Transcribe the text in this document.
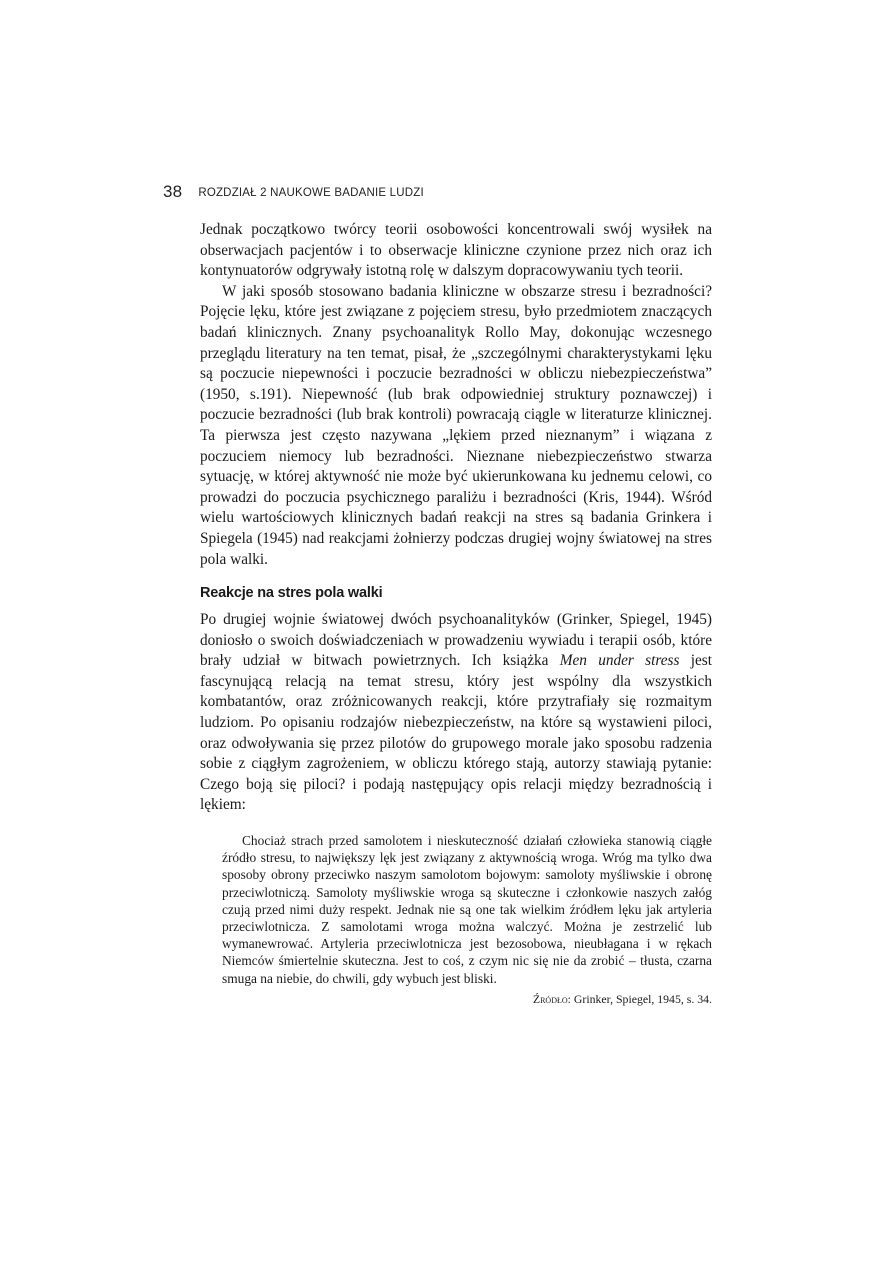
38 ROZDZIAŁ 2 NAUKOWE BADANIE LUDZI

Jednak początkowo twórcy teorii osobowości koncentrowali swój wysiłek na obserwacjach pacjentów i to obserwacje kliniczne czynione przez nich oraz ich kontynuatorów odgrywały istotną rolę w dalszym dopracowywaniu tych teorii.

W jaki sposób stosowano badania kliniczne w obszarze stresu i bezradności? Pojęcie lęku, które jest związane z pojęciem stresu, było przedmiotem znaczących badań klinicznych. Znany psychoanalityk Rollo May, dokonując wczesnego przeglądu literatury na ten temat, pisał, że „szczególnymi charakterystykami lęku są poczucie niepewności i poczucie bezradności w obliczu niebezpieczeństwa” (1950, s.191). Niepewność (lub brak odpowiedniej struktury poznawczej) i poczucie bezradności (lub brak kontroli) powracają ciągle w literaturze klinicznej. Ta pierwsza jest często nazywana „lękiem przed nieznanym” i wiązana z poczuciem niemocy lub bezradności. Nieznane niebezpieczeństwo stwarza sytuację, w której aktywność nie może być ukierunkowana ku jednemu celowi, co prowadzi do poczucia psychicznego paraliżu i bezradności (Kris, 1944). Wśród wielu wartościowych klinicznych badań reakcji na stres są badania Grinkera i Spiegela (1945) nad reakcjami żołnierzy podczas drugiej wojny światowej na stres pola walki.

Reakcje na stres pola walki

Po drugiej wojnie światowej dwóch psychoanalityków (Grinker, Spiegel, 1945) doniosło o swoich doświadczeniach w prowadzeniu wywiadu i terapii osób, które brały udział w bitwach powietrznych. Ich książka Men under stress jest fascynującą relacją na temat stresu, który jest wspólny dla wszystkich kombatantów, oraz zróżnicowanych reakcji, które przytrafiały się rozmaitym ludziom. Po opisaniu rodzajów niebezpieczeństw, na które są wystawieni piloci, oraz odwoływania się przez pilotów do grupowego morale jako sposobu radzenia sobie z ciągłym zagrożeniem, w obliczu którego stają, autorzy stawiają pytanie: Czego boją się piloci? i podają następujący opis relacji między bezradnością i lękiem:

Chociaż strach przed samolotem i nieskuteczność działań człowieka stanowią ciągłe źródło stresu, to największy lęk jest związany z aktywnością wroga. Wróg ma tylko dwa sposoby obrony przeciwko naszym samolotom bojowym: samoloty myśliwskie i obronę przeciwlotniczą. Samoloty myśliwskie wroga są skuteczne i członkowie naszych załóg czują przed nimi duży respekt. Jednak nie są one tak wielkim źródłem lęku jak artyleria przeciwlotnicza. Z samolotami wroga można walczyć. Można je zestrzelić lub wymanewrować. Artyleria przeciwlotnicza jest bezosobowa, nieubłagana i w rękach Niemców śmiertelnie skuteczna. Jest to coś, z czym nic się nie da zrobić – tłusta, czarna smuga na niebie, do chwili, gdy wybuch jest bliski.

Źródło: Grinker, Spiegel, 1945, s. 34.
